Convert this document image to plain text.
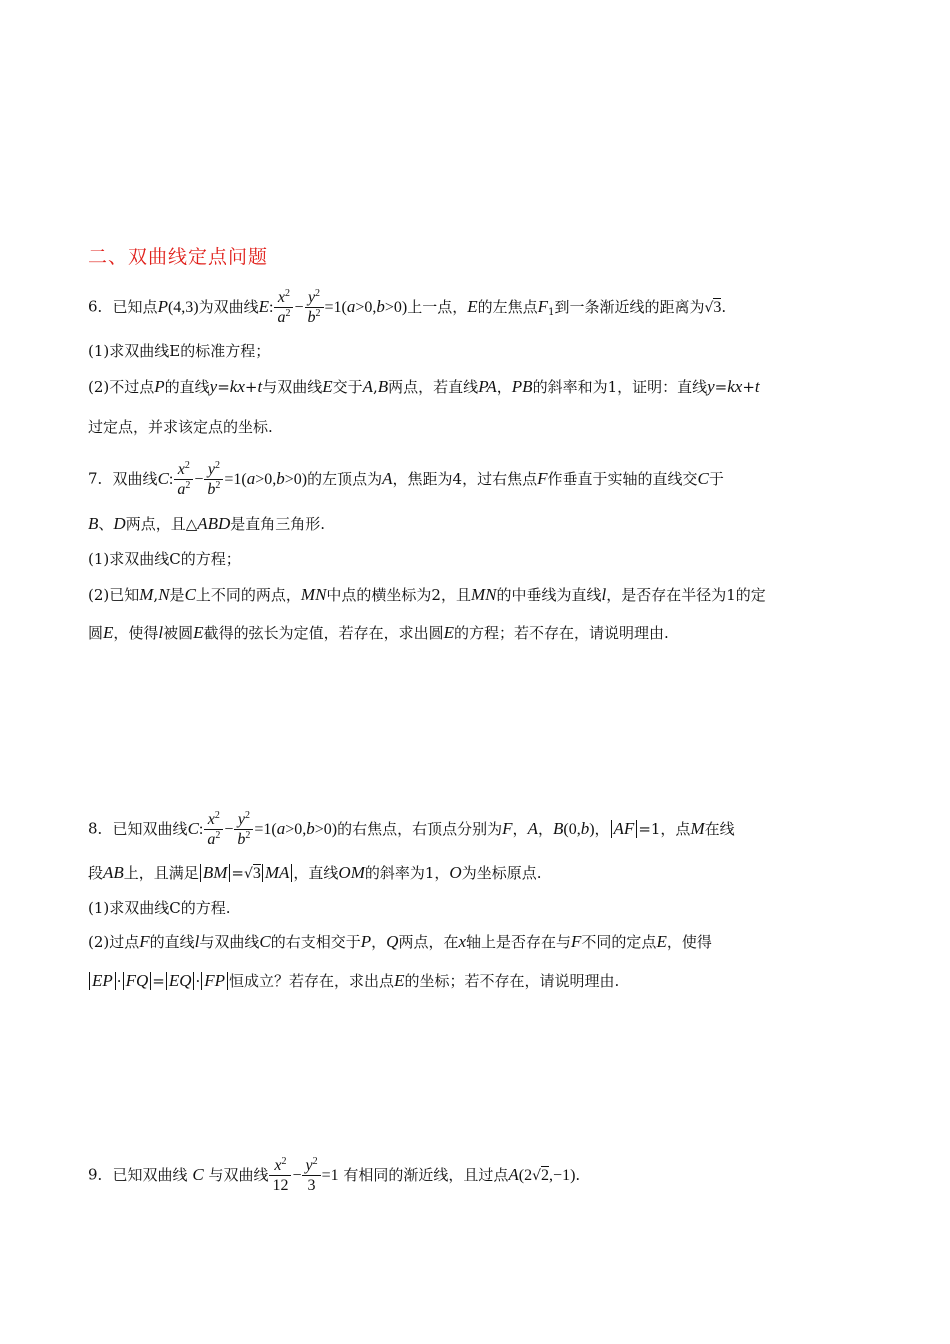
二、双曲线定点问题
6．已知点P(4,3)为双曲线E: $\frac{x^2}{a^2} - \frac{y^2}{b^2} =1(a>0,b>0)$上一点，E的左焦点$F_1$到一条渐近线的距离为√3.
(1)求双曲线E的标准方程；
(2)不过点P的直线y=kx+t与双曲线E交于A,B两点，若直线PA，PB的斜率和为1，证明：直线y=kx+t
过定点，并求该定点的坐标.
7．双曲线C: $\frac{x^2}{a^2} - \frac{y^2}{b^2} =1(a>0,b>0)$的左顶点为A，焦距为4，过右焦点F作垂直于实轴的直线交C于
B、D两点，且△ABD是直角三角形.
(1)求双曲线C的方程；
(2)已知M,N是C上不同的两点，MN中点的横坐标为2，且MN的中垂线为直线l，是否存在半径为1的定
圆E，使得l被圆E截得的弦长为定值，若存在，求出圆E的方程；若不存在，请说明理由.
8．已知双曲线C: $\frac{x^2}{a^2} - \frac{y^2}{b^2} =1(a>0,b>0)$的右焦点，右顶点分别为F，A，B(0,b)， AF =1，点M在线
段AB上，且满足 BM =√3 MA ，直线OM的斜率为1，O为坐标原点.
(1)求双曲线C的方程.
(2)过点F的直线l与双曲线C的右支相交于P，Q两点，在x轴上是否存在与F不同的定点E，使得
EP · FQ = EQ · FP 恒成立？若存在，求出点E的坐标；若不存在，请说明理由.
9．已知双曲线 C 与双曲线 $\frac{x^2}{12} - \frac{y^2}{3} =1$ 有相同的渐近线，且过点A(2√2,−1).
